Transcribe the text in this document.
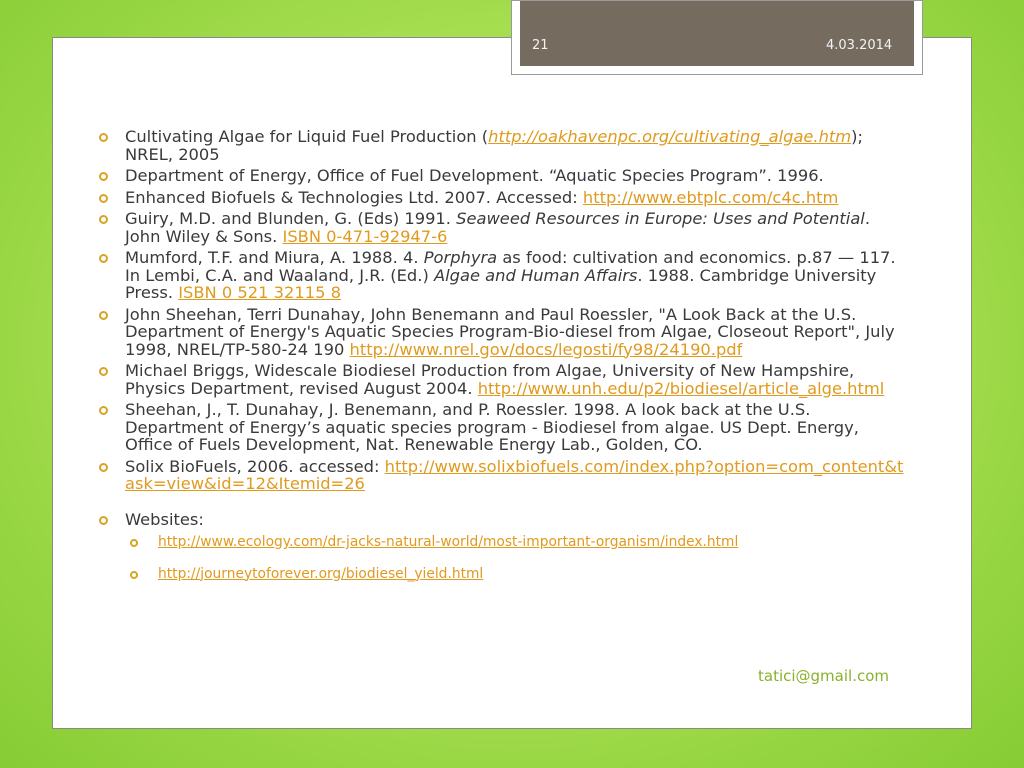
21	4.03.2014
Cultivating Algae for Liquid Fuel Production (http://oakhavenpc.org/cultivating_algae.htm); NREL, 2005
Department of Energy, Office of Fuel Development. “Aquatic Species Program”. 1996.
Enhanced Biofuels & Technologies Ltd. 2007. Accessed: http://www.ebtplc.com/c4c.htm
Guiry, M.D. and Blunden, G. (Eds) 1991. Seaweed Resources in Europe: Uses and Potential. John Wiley & Sons. ISBN 0-471-92947-6
Mumford, T.F. and Miura, A. 1988. 4. Porphyra as food: cultivation and economics. p.87 — 117. In Lembi, C.A. and Waaland, J.R. (Ed.) Algae and Human Affairs. 1988. Cambridge University Press. ISBN 0 521 32115 8
John Sheehan, Terri Dunahay, John Benemann and Paul Roessler, "A Look Back at the U.S. Department of Energy's Aquatic Species Program-Bio-diesel from Algae, Closeout Report", July 1998, NREL/TP-580-24 190 http://www.nrel.gov/docs/legosti/fy98/24190.pdf
Michael Briggs, Widescale Biodiesel Production from Algae, University of New Hampshire, Physics Department, revised August 2004. http://www.unh.edu/p2/biodiesel/article_alge.html
Sheehan, J., T. Dunahay, J. Benemann, and P. Roessler. 1998. A look back at the U.S. Department of Energy’s aquatic species program - Biodiesel from algae. US Dept. Energy, Office of Fuels Development, Nat. Renewable Energy Lab., Golden, CO.
Solix BioFuels, 2006. accessed: http://www.solixbiofuels.com/index.php?option=com_content&task=view&id=12&Itemid=26
Websites:
http://www.ecology.com/dr-jacks-natural-world/most-important-organism/index.html
http://journeytoforever.org/biodiesel_yield.html
tatici@gmail.com
